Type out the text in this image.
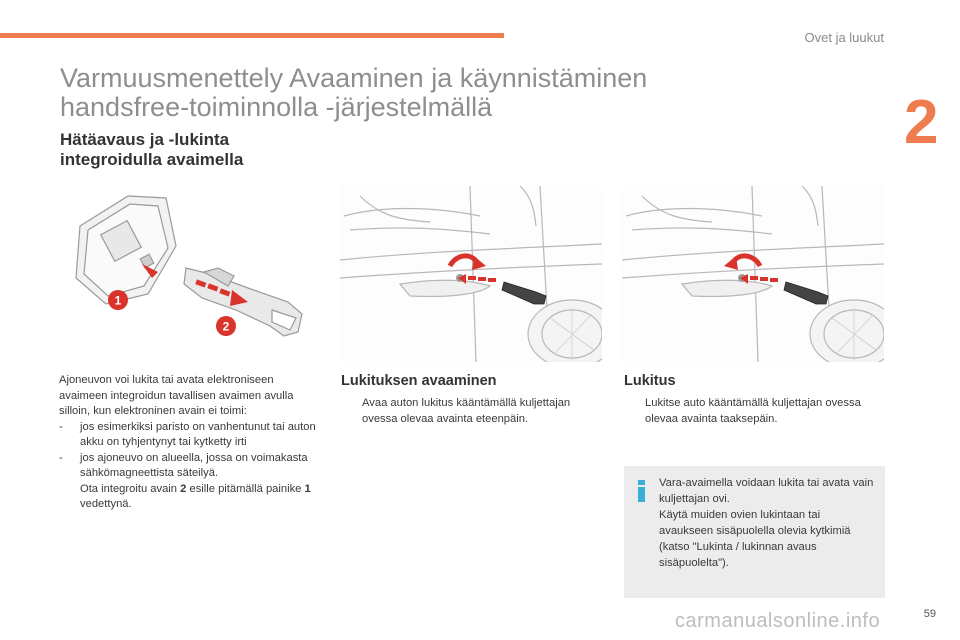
Ovet ja luukut
2
Varmuusmenettely Avaaminen ja käynnistäminen
handsfree-toiminnolla -järjestelmällä
Hätäavaus ja -lukinta
integroidulla avaimella
1
2

Ajoneuvon voi lukita tai avata elektroniseen avaimeen integroidun tavallisen avaimen avulla silloin, kun elektroninen avain ei toimi:

- jos esimerkiksi paristo on vanhentunut tai auton akku on tyhjentynyt tai kytketty irti
- jos ajoneuvo on alueella, jossa on voimakasta sähkömagneettista säteilyä.
Ota integroitu avain 2 esille pitämällä painike 1 vedettynä.
Lukituksen avaaminen
Avaa auton lukitus kääntämällä kuljettajan ovessa olevaa avainta eteenpäin.
Lukitus
Lukitse auto kääntämällä kuljettajan ovessa olevaa avainta taaksepäin.
Vara-avaimella voidaan lukita tai avata vain kuljettajan ovi.
Käytä muiden ovien lukintaan tai avaukseen sisäpuolella olevia kytkimiä (katso "Lukinta / lukinnan avaus sisäpuolelta").
59
carmanualsonline.info
